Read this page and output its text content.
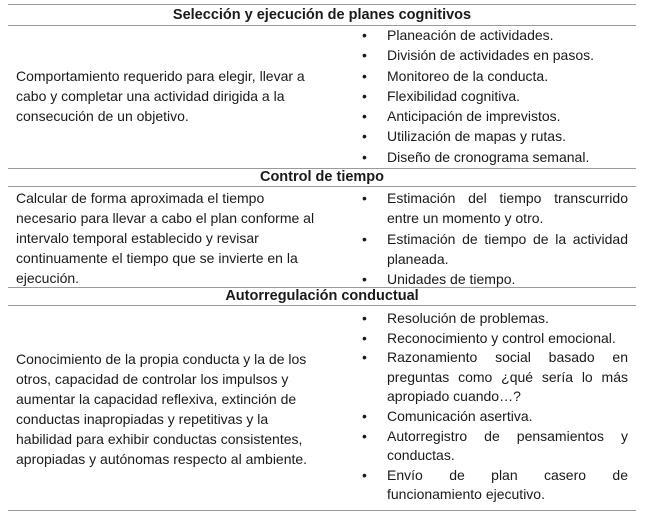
Selección y ejecución de planes cognitivos
Comportamiento requerido para elegir, llevar a cabo y completar una actividad dirigida a la consecución de un objetivo.
• Planeación de actividades.
• División de actividades en pasos.
• Monitoreo de la conducta.
• Flexibilidad cognitiva.
• Anticipación de imprevistos.
• Utilización de mapas y rutas.
• Diseño de cronograma semanal.
Control de tiempo
Calcular de forma aproximada el tiempo necesario para llevar a cabo el plan conforme al intervalo temporal establecido y revisar continuamente el tiempo que se invierte en la ejecución.
• Estimación del tiempo transcurrido entre un momento y otro.
• Estimación de tiempo de la actividad planeada.
• Unidades de tiempo.
Autorregulación conductual
Conocimiento de la propia conducta y la de los otros, capacidad de controlar los impulsos y aumentar la capacidad reflexiva, extinción de conductas inapropiadas y repetitivas y la habilidad para exhibir conductas consistentes, apropiadas y autónomas respecto al ambiente.
• Resolución de problemas.
• Reconocimiento y control emocional.
• Razonamiento social basado en preguntas como ¿qué sería lo más apropiado cuando…?
• Comunicación asertiva.
• Autorregistro de pensamientos y conductas.
• Envío de plan casero de funcionamiento ejecutivo.
